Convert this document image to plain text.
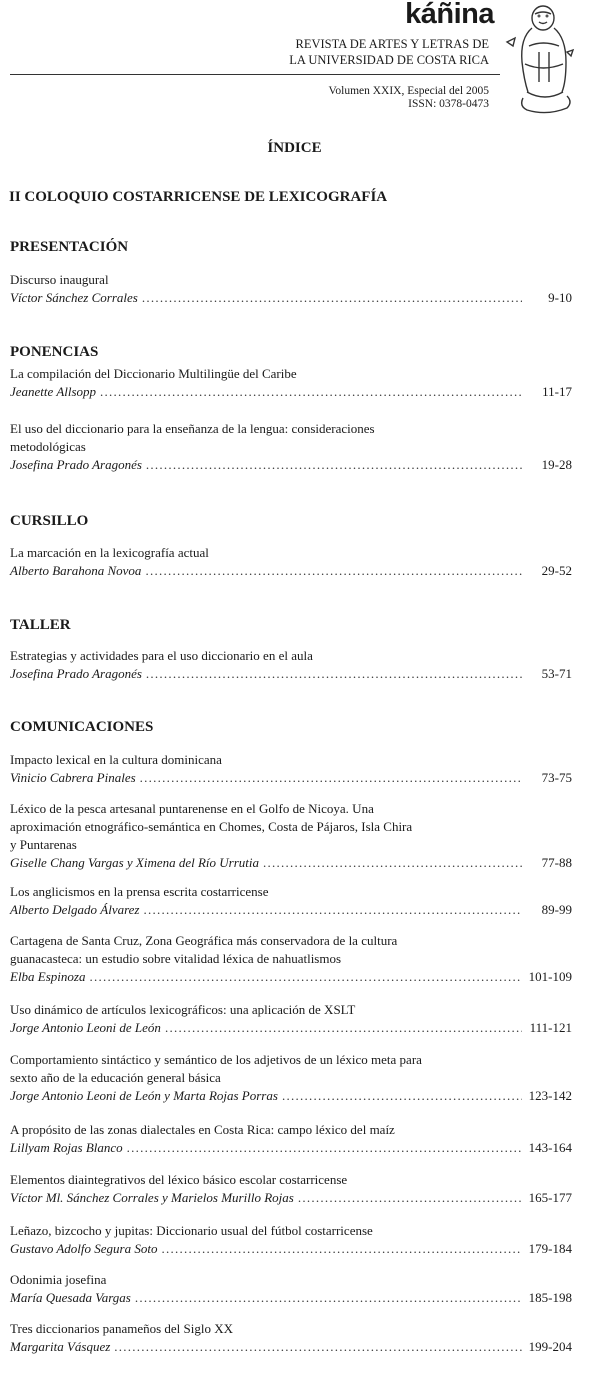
káñina
REVISTA DE ARTES Y LETRAS DE
LA UNIVERSIDAD DE COSTA RICA
Volumen XXIX, Especial del 2005
ISSN: 0378-0473
ÍNDICE
II COLOQUIO COSTARRICENSE DE LEXICOGRAFÍA
PRESENTACIÓN
Discurso inaugural
Víctor Sánchez Corrales . . .	9-10
PONENCIAS
La compilación del Diccionario Multilingüe del Caribe
Jeanette Allsopp . . .	11-17
El uso del diccionario para la enseñanza de la lengua: consideraciones
metodológicas
Josefina Prado Aragonés . . .	19-28
CURSILLO
La marcación en la lexicografía actual
Alberto Barahona Novoa . . .	29-52
TALLER
Estrategias y actividades para el uso diccionario en el aula
Josefina Prado Aragonés . . .	53-71
COMUNICACIONES
Impacto lexical en la cultura dominicana
Vinicio Cabrera Pinales . . .	73-75
Léxico de la pesca artesanal puntarenense en el Golfo de Nicoya. Una
aproximación etnográfico-semántica en Chomes, Costa de Pájaros, Isla Chira
y Puntarenas
Giselle Chang Vargas y Ximena del Río Urrutia . . .	77-88
Los anglicismos en la prensa escrita costarricense
Alberto Delgado Álvarez . . .	89-99
Cartagena de Santa Cruz, Zona Geográfica más conservadora de la cultura
guanacasteca: un estudio sobre vitalidad léxica de nahuatlismos
Elba Espinoza . . .	101-109
Uso dinámico de artículos lexicográficos: una aplicación de XSLT
Jorge Antonio Leoni de León . . .	111-121
Comportamiento sintáctico y semántico de los adjetivos de un léxico meta para
sexto año de la educación general básica
Jorge Antonio Leoni de León y Marta Rojas Porras . . .	123-142
A propósito de las zonas dialectales en Costa Rica: campo léxico del maíz
Lillyam Rojas Blanco . . .	143-164
Elementos diaintegrativos del léxico básico escolar costarricense
Víctor Ml. Sánchez Corrales y Marielos Murillo Rojas . . .	165-177
Leñazo, bizcocho y jupitas: Diccionario usual del fútbol costarricense
Gustavo Adolfo Segura Soto . . .	179-184
Odonimia josefina
María Quesada Vargas . . .	185-198
Tres diccionarios panameños del Siglo XX
Margarita Vásquez . . .	199-204
